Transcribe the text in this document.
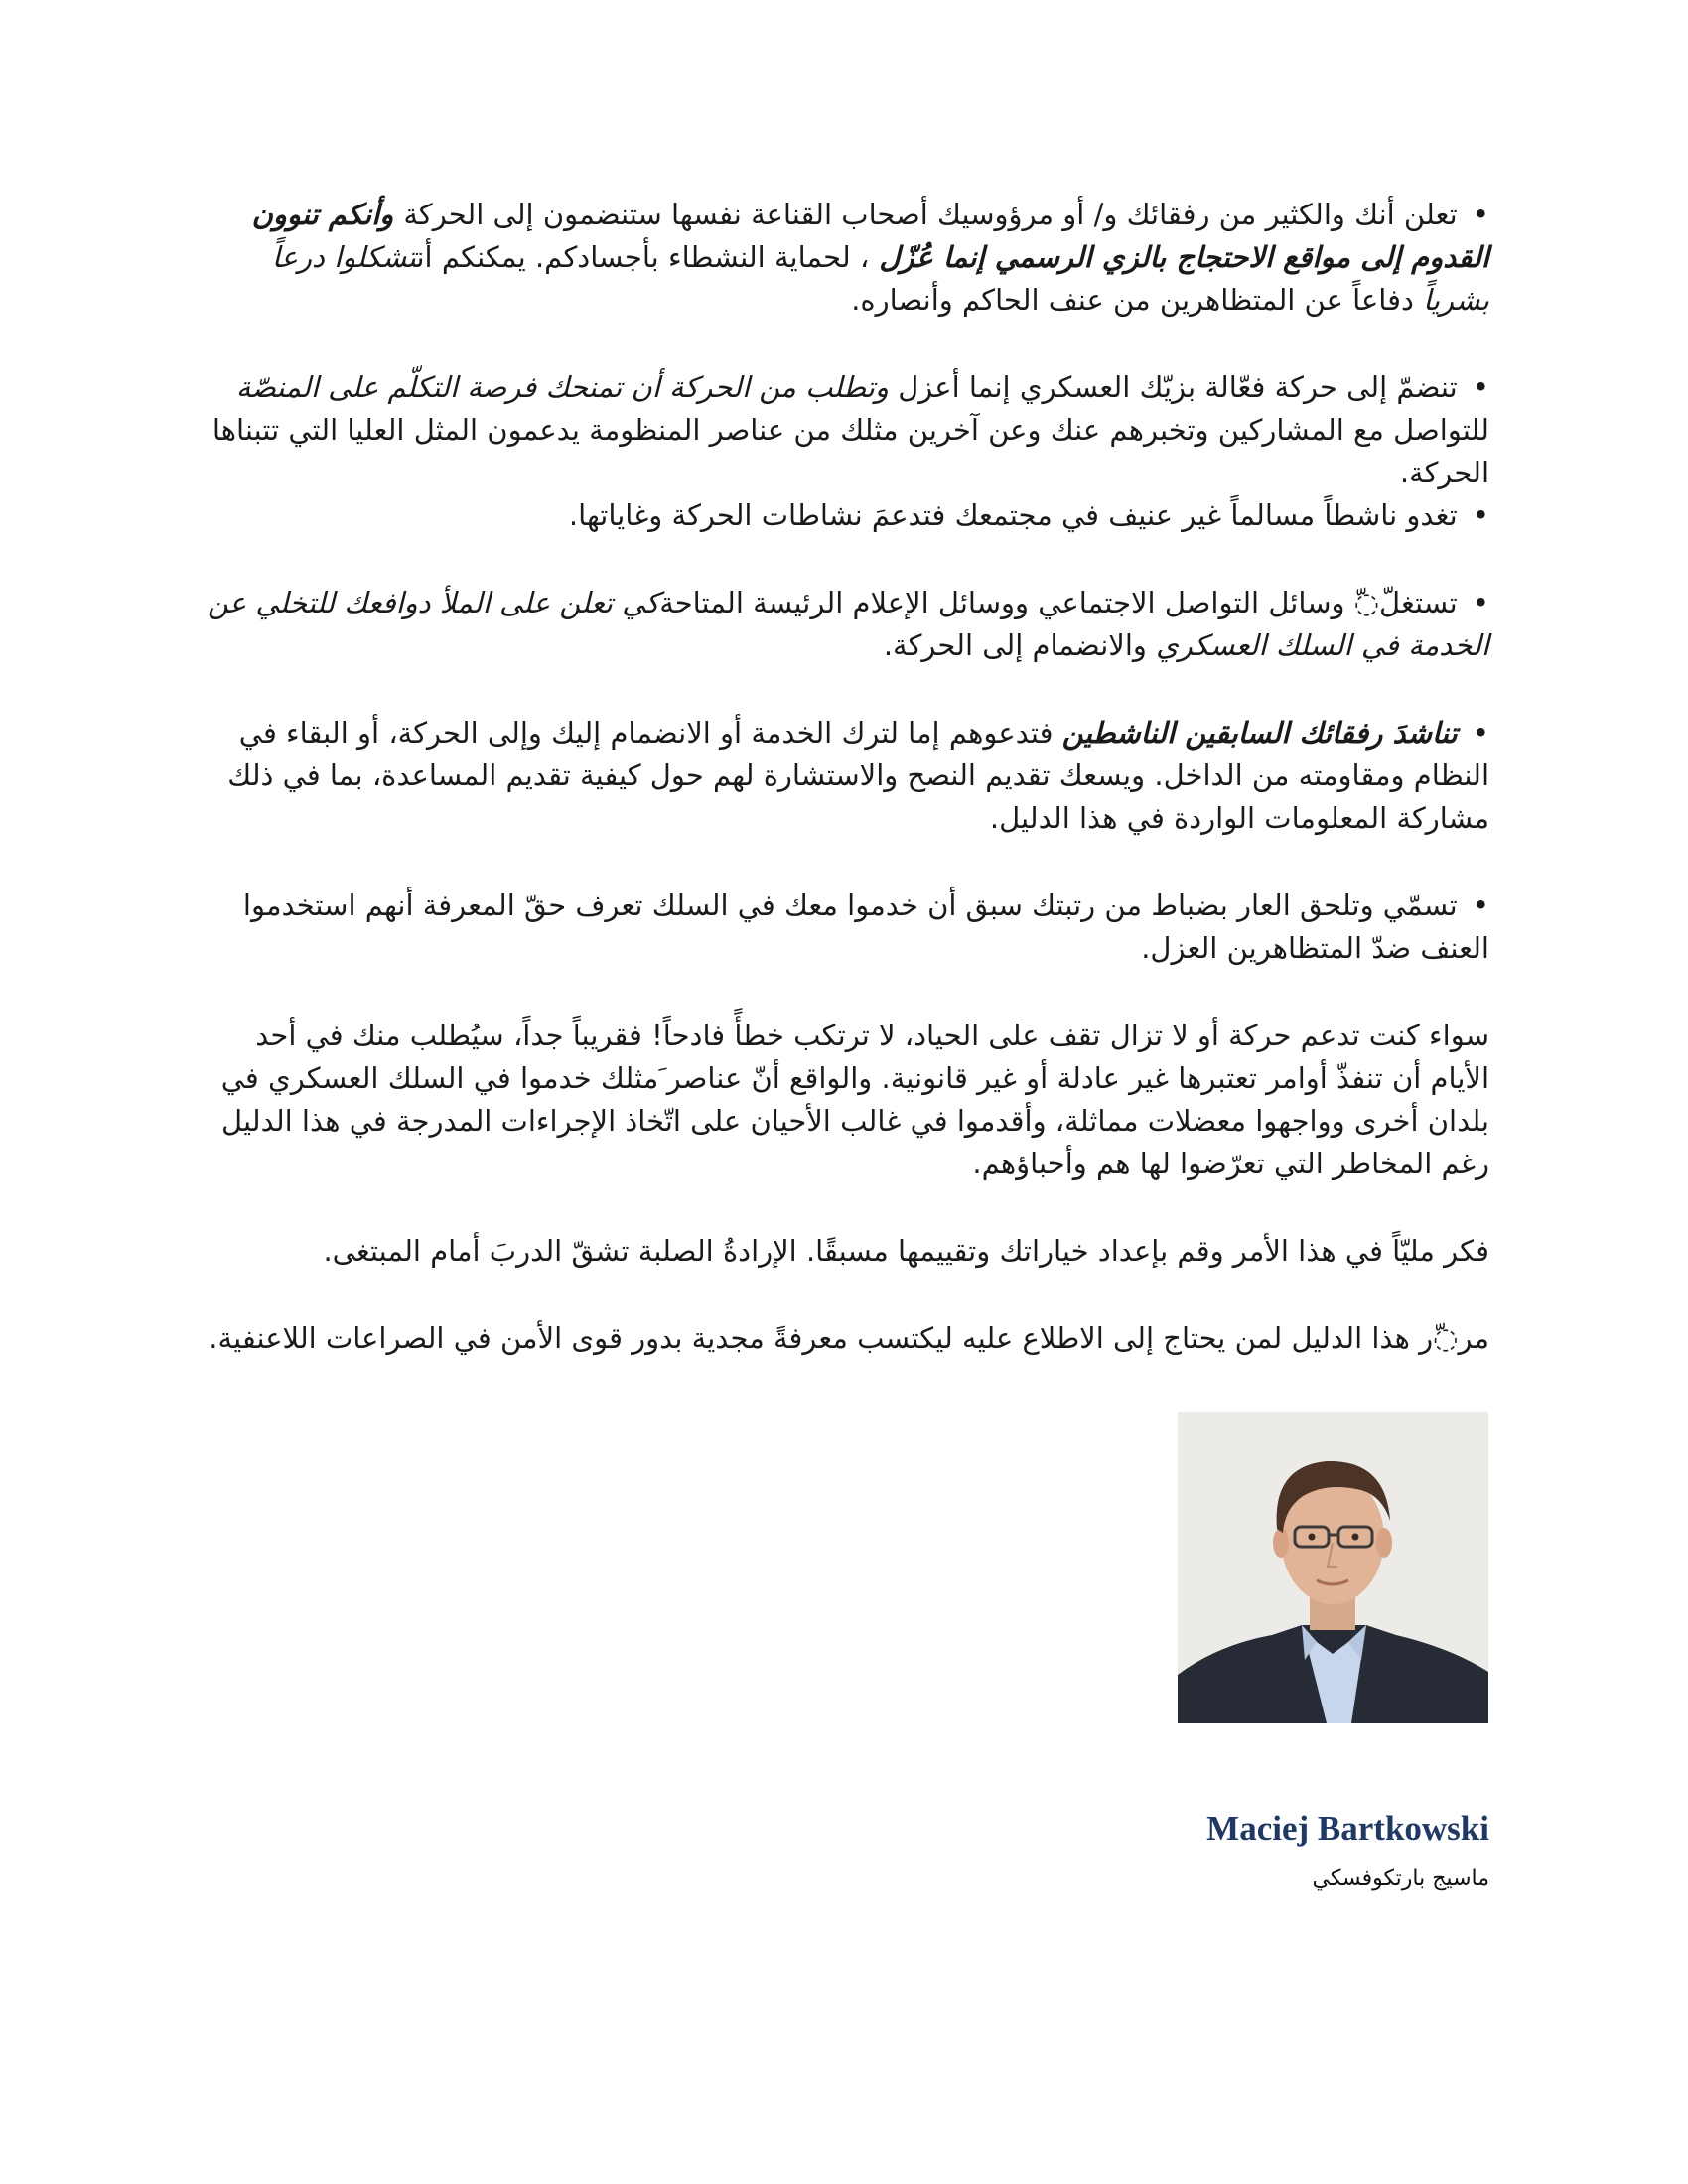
• تعلن أنك والكثير من رفقائك و/ أو مرؤوسيك أصحاب القناعة نفسها ستنضمون إلى الحركة وأنكم تنوون القدوم إلى مواقع الاحتجاج بالزي الرسمي إنما عُزّل ، لحماية النشطاء بأجسادكم. يمكنكم أنتشكلوا درعاً بشرياً دفاعاً عن المتظاهرين من عنف الحاكم وأنصاره.

• تنضمّ إلى حركة فعّالة بزيّك العسكري إنما أعزل وتطلب من الحركة أن تمنحك فرصة التكلّم على المنصّة للتواصل مع المشاركين وتخبرهم عنك وعن آخرين مثلك من عناصر المنظومة يدعمون المثل العليا التي تتبناها الحركة.

• تغدو ناشطاً مسالماً غير عنيف في مجتمعك فتدعمَ نشاطات الحركة وغاياتها.

• تستغلّ◌ّ وسائل التواصل الاجتماعي ووسائل الإعلام الرئيسة المتاحةكي تعلن على الملأ دوافعك للتخلي عن الخدمة في السلك العسكري والانضمام إلى الحركة.

• تناشدَ رفقائك السابقين الناشطين فتدعوهم إما لترك الخدمة أو الانضمام إليك وإلى الحركة، أو البقاء في النظام ومقاومته من الداخل. ويسعك تقديم النصح والاستشارة لهم حول كيفية تقديم المساعدة، بما في ذلك مشاركة المعلومات الواردة في هذا الدليل.

• تسمّي وتلحق العار بضباط من رتبتك سبق أن خدموا معك في السلك تعرف حقّ المعرفة أنهم استخدموا العنف ضدّ المتظاهرين العزل.

سواء كنت تدعم حركة أو لا تزال تقف على الحياد، لا ترتكب خطأً فادحاً! فقريباً جداً، سيُطلب منك في أحد الأيام أن تنفذّ أوامر تعتبرها غير عادلة أو غير قانونية. والواقع أنّ عناصر َمثلك خدموا في السلك العسكري في بلدان أخرى وواجهوا معضلات مماثلة، وأقدموا في غالب الأحيان على اتّخاذ الإجراءات المدرجة في هذا الدليل رغم المخاطر التي تعرّضوا لها هم وأحباؤهم.

فكر مليّاً في هذا الأمر وقم بإعداد خياراتك وتقييمها مسبقًا. الإرادةُ الصلبة تشقّ الدربَ أمام المبتغى.

مر◌ّر هذا الدليل لمن يحتاج إلى الاطلاع عليه ليكتسب معرفةً مجدية بدور قوى الأمن في الصراعات اللاعنفية.

Maciej Bartkowski
ماسيج بارتكوفسكي
